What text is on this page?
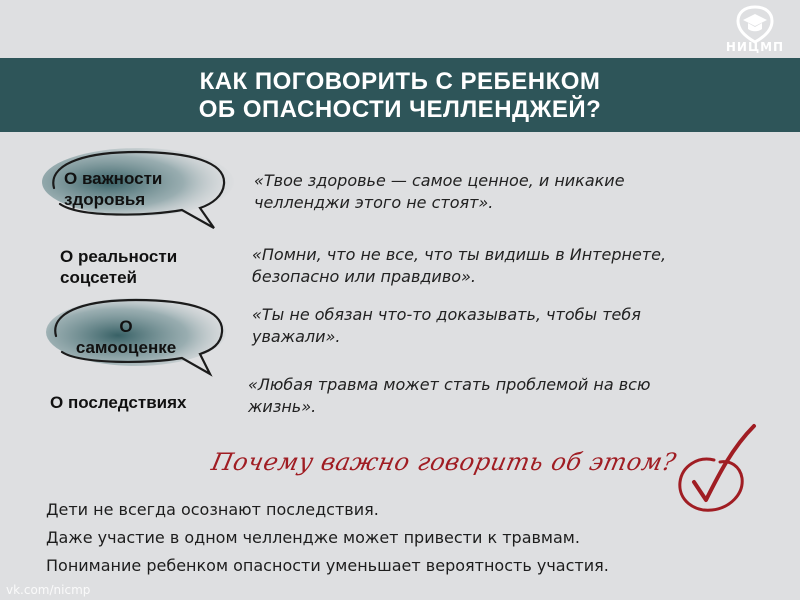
НИЦМП
КАК ПОГОВОРИТЬ С РЕБЕНКОМ
ОБ ОПАСНОСТИ ЧЕЛЛЕНДЖЕЙ?
О важности
здоровья
«Твое здоровье — самое ценное, и никакие
челленджи этого не стоят».
О реальности
соцсетей
«Помни, что не все, что ты видишь в Интернете,
безопасно или правдиво».
О
самооценке
«Ты не обязан что-то доказывать, чтобы тебя
уважали».
О последствиях
«Любая травма может стать проблемой на всю
жизнь».
Почему важно говорить об этом?
Дети не всегда осознают последствия.
Даже участие в одном челлендже может привести к травмам.
Понимание ребенком опасности уменьшает вероятность участия.
vk.com/nicmp
